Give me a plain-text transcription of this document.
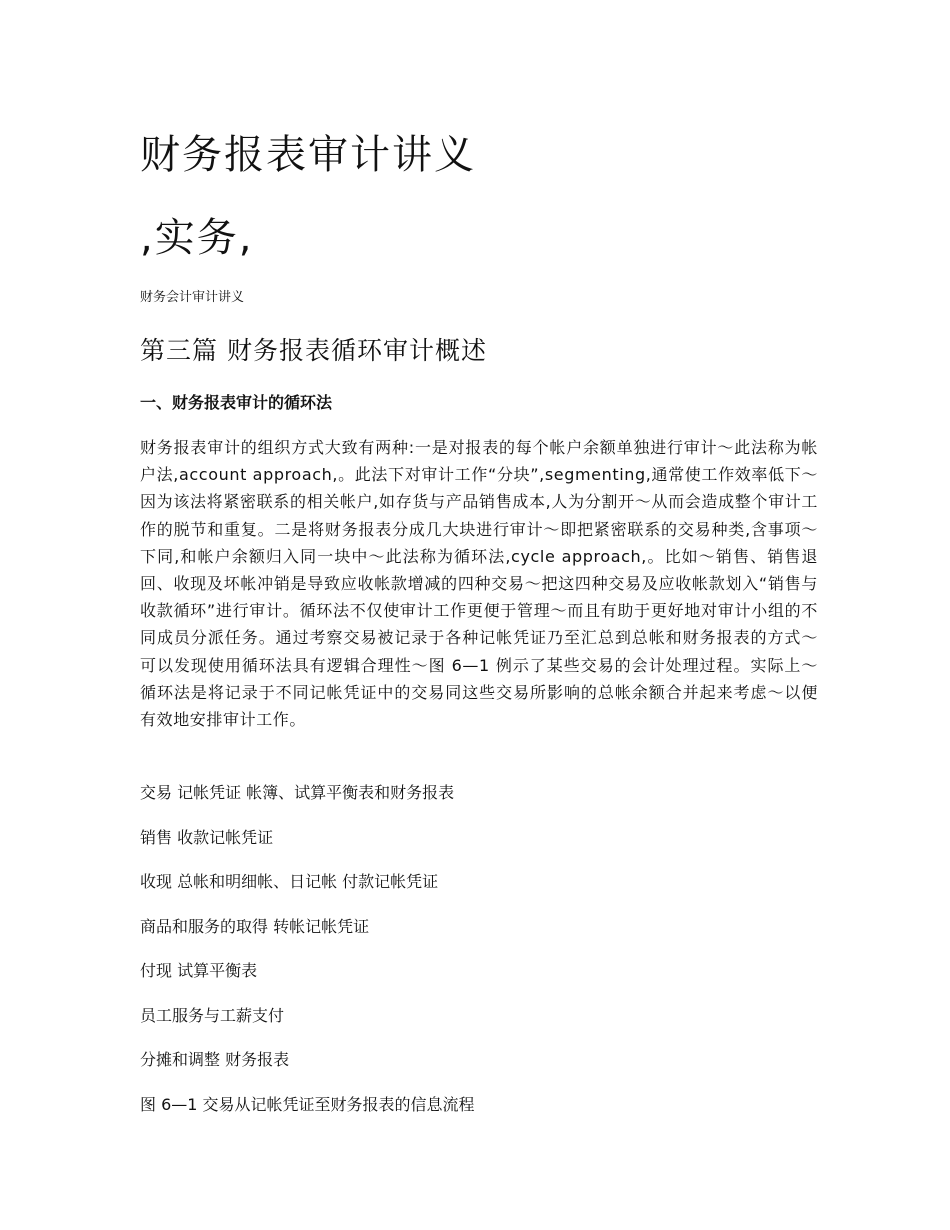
财务报表审计讲义
,实务,

财务会计审计讲义

第三篇 财务报表循环审计概述
一、财务报表审计的循环法

财务报表审计的组织方式大致有两种:一是对报表的每个帐户余额单独进行审计～此法称为帐户法,account approach,。此法下对审计工作“分块”,segmenting,通常使工作效率低下～因为该法将紧密联系的相关帐户,如存货与产品销售成本,人为分割开～从而会造成整个审计工作的脱节和重复。二是将财务报表分成几大块进行审计～即把紧密联系的交易种类,含事项～下同,和帐户余额归入同一块中～此法称为循环法,cycle approach,。比如～销售、销售退回、收现及坏帐冲销是导致应收帐款增减的四种交易～把这四种交易及应收帐款划入“销售与收款循环”进行审计。循环法不仅使审计工作更便于管理～而且有助于更好地对审计小组的不同成员分派任务。通过考察交易被记录于各种记帐凭证乃至汇总到总帐和财务报表的方式～可以发现使用循环法具有逻辑合理性～图 6—1 例示了某些交易的会计处理过程。实际上～循环法是将记录于不同记帐凭证中的交易同这些交易所影响的总帐余额合并起来考虑～以便有效地安排审计工作。

交易 记帐凭证 帐簿、试算平衡表和财务报表

销售 收款记帐凭证

收现 总帐和明细帐、日记帐 付款记帐凭证

商品和服务的取得 转帐记帐凭证

付现 试算平衡表

员工服务与工薪支付

分摊和调整 财务报表

图 6—1 交易从记帐凭证至财务报表的信息流程
